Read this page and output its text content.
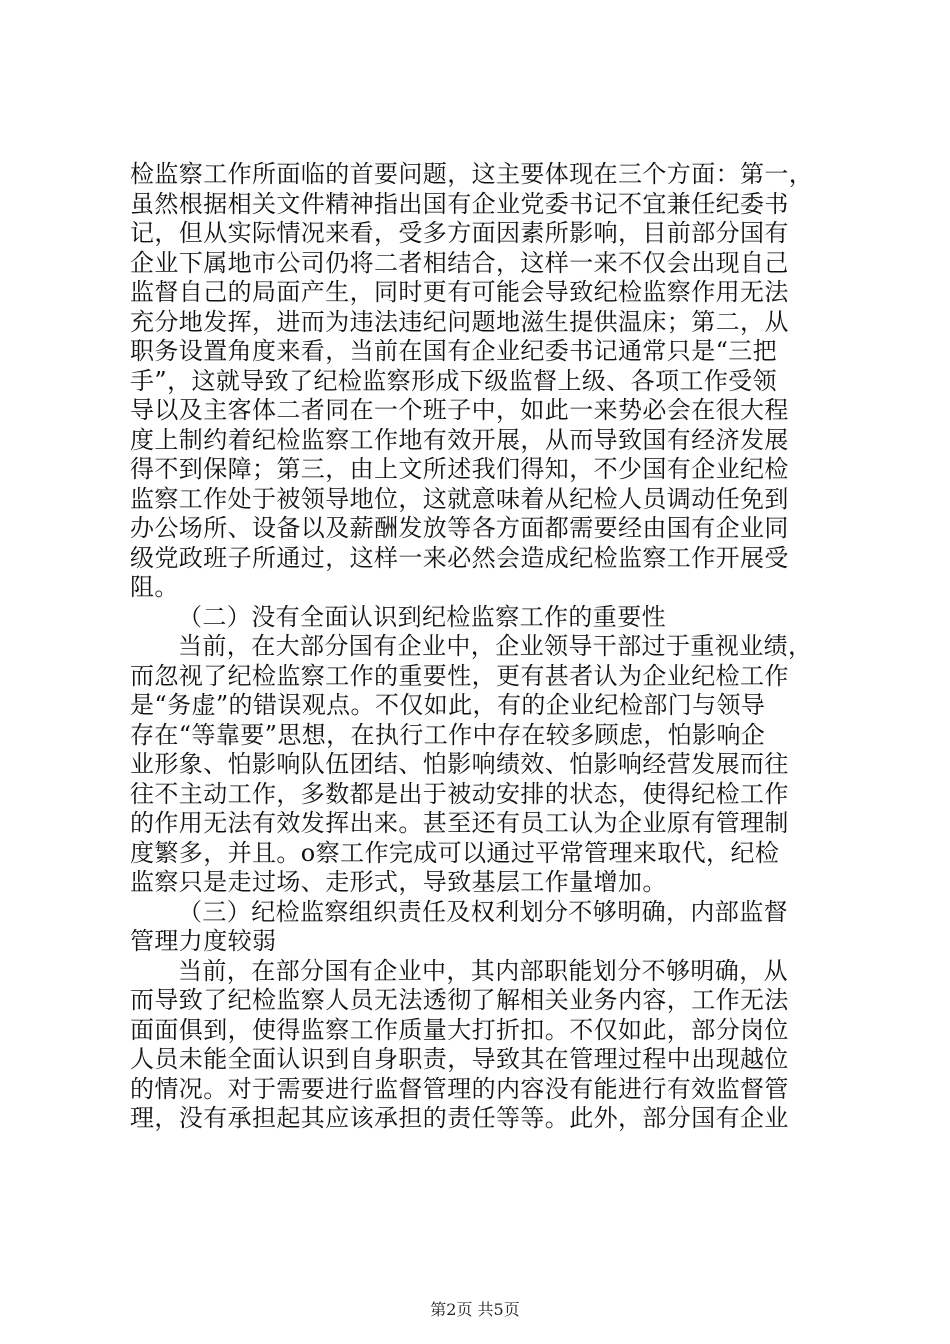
检监察工作所面临的首要问题，这主要体现在三个方面：第一，
虽然根据相关文件精神指出国有企业党委书记不宜兼任纪委书
记，但从实际情况来看，受多方面因素所影响，目前部分国有
企业下属地市公司仍将二者相结合，这样一来不仅会出现自己
监督自己的局面产生，同时更有可能会导致纪检监察作用无法
充分地发挥，进而为违法违纪问题地滋生提供温床；第二，从
职务设置角度来看，当前在国有企业纪委书记通常只是“三把
手”，这就导致了纪检监察形成下级监督上级、各项工作受领
导以及主客体二者同在一个班子中，如此一来势必会在很大程
度上制约着纪检监察工作地有效开展，从而导致国有经济发展
得不到保障；第三，由上文所述我们得知，不少国有企业纪检
监察工作处于被领导地位，这就意味着从纪检人员调动任免到
办公场所、设备以及薪酬发放等各方面都需要经由国有企业同
级党政班子所通过，这样一来必然会造成纪检监察工作开展受
阻。
（二）没有全面认识到纪检监察工作的重要性
当前，在大部分国有企业中，企业领导干部过于重视业绩，
而忽视了纪检监察工作的重要性，更有甚者认为企业纪检工作
是“务虚”的错误观点。不仅如此，有的企业纪检部门与领导
存在“等靠要”思想，在执行工作中存在较多顾虑，怕影响企
业形象、怕影响队伍团结、怕影响绩效、怕影响经营发展而往
往不主动工作，多数都是出于被动安排的状态，使得纪检工作
的作用无法有效发挥出来。甚至还有员工认为企业原有管理制
度繁多，并且。o察工作完成可以通过平常管理来取代，纪检
监察只是走过场、走形式，导致基层工作量增加。
（三）纪检监察组织责任及权利划分不够明确，内部监督
管理力度较弱
当前，在部分国有企业中，其内部职能划分不够明确，从
而导致了纪检监察人员无法透彻了解相关业务内容，工作无法
面面俱到，使得监察工作质量大打折扣。不仅如此，部分岗位
人员未能全面认识到自身职责，导致其在管理过程中出现越位
的情况。对于需要进行监督管理的内容没有能进行有效监督管
理，没有承担起其应该承担的责任等等。此外，部分国有企业
第2页 共5页
